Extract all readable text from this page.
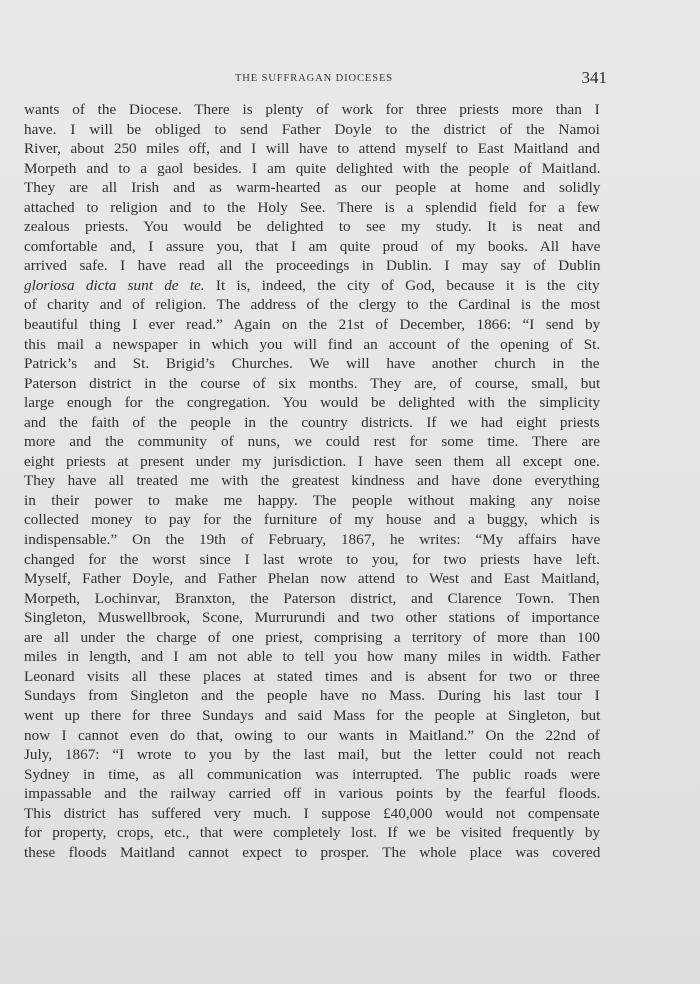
THE SUFFRAGAN DIOCESES	341
wants of the Diocese. There is plenty of work for three priests more than I
have. I will be obliged to send Father Doyle to the district of the Namoi
River, about 250 miles off, and I will have to attend myself to East Maitland and
Morpeth and to a gaol besides. I am quite delighted with the people of Maitland.
They are all Irish and as warm-hearted as our people at home and solidly
attached to religion and to the Holy See. There is a splendid field for a few
zealous priests. You would be delighted to see my study. It is neat and
comfortable and, I assure you, that I am quite proud of my books. All have
arrived safe. I have read all the proceedings in Dublin. I may say of Dublin
gloriosa dicta sunt de te. It is, indeed, the city of God, because it is the city
of charity and of religion. The address of the clergy to the Cardinal is the most
beautiful thing I ever read.” Again on the 21st of December, 1866: “I send by
this mail a newspaper in which you will find an account of the opening of St.
Patrick’s and St. Brigid’s Churches. We will have another church in the
Paterson district in the course of six months. They are, of course, small, but
large enough for the congregation. You would be delighted with the simplicity
and the faith of the people in the country districts. If we had eight priests
more and the community of nuns, we could rest for some time. There are
eight priests at present under my jurisdiction. I have seen them all except one.
They have all treated me with the greatest kindness and have done everything
in their power to make me happy. The people without making any noise
collected money to pay for the furniture of my house and a buggy, which is
indispensable.” On the 19th of February, 1867, he writes: “My affairs have
changed for the worst since I last wrote to you, for two priests have left.
Myself, Father Doyle, and Father Phelan now attend to West and East Maitland,
Morpeth, Lochinvar, Branxton, the Paterson district, and Clarence Town. Then
Singleton, Muswellbrook, Scone, Murrurundi and two other stations of importance
are all under the charge of one priest, comprising a territory of more than 100
miles in length, and I am not able to tell you how many miles in width. Father
Leonard visits all these places at stated times and is absent for two or three
Sundays from Singleton and the people have no Mass. During his last tour I
went up there for three Sundays and said Mass for the people at Singleton, but
now I cannot even do that, owing to our wants in Maitland.” On the 22nd of
July, 1867: “I wrote to you by the last mail, but the letter could not reach
Sydney in time, as all communication was interrupted. The public roads were
impassable and the railway carried off in various points by the fearful floods.
This district has suffered very much. I suppose £40,000 would not compensate
for property, crops, etc., that were completely lost. If we be visited frequently by
these floods Maitland cannot expect to prosper. The whole place was covered
